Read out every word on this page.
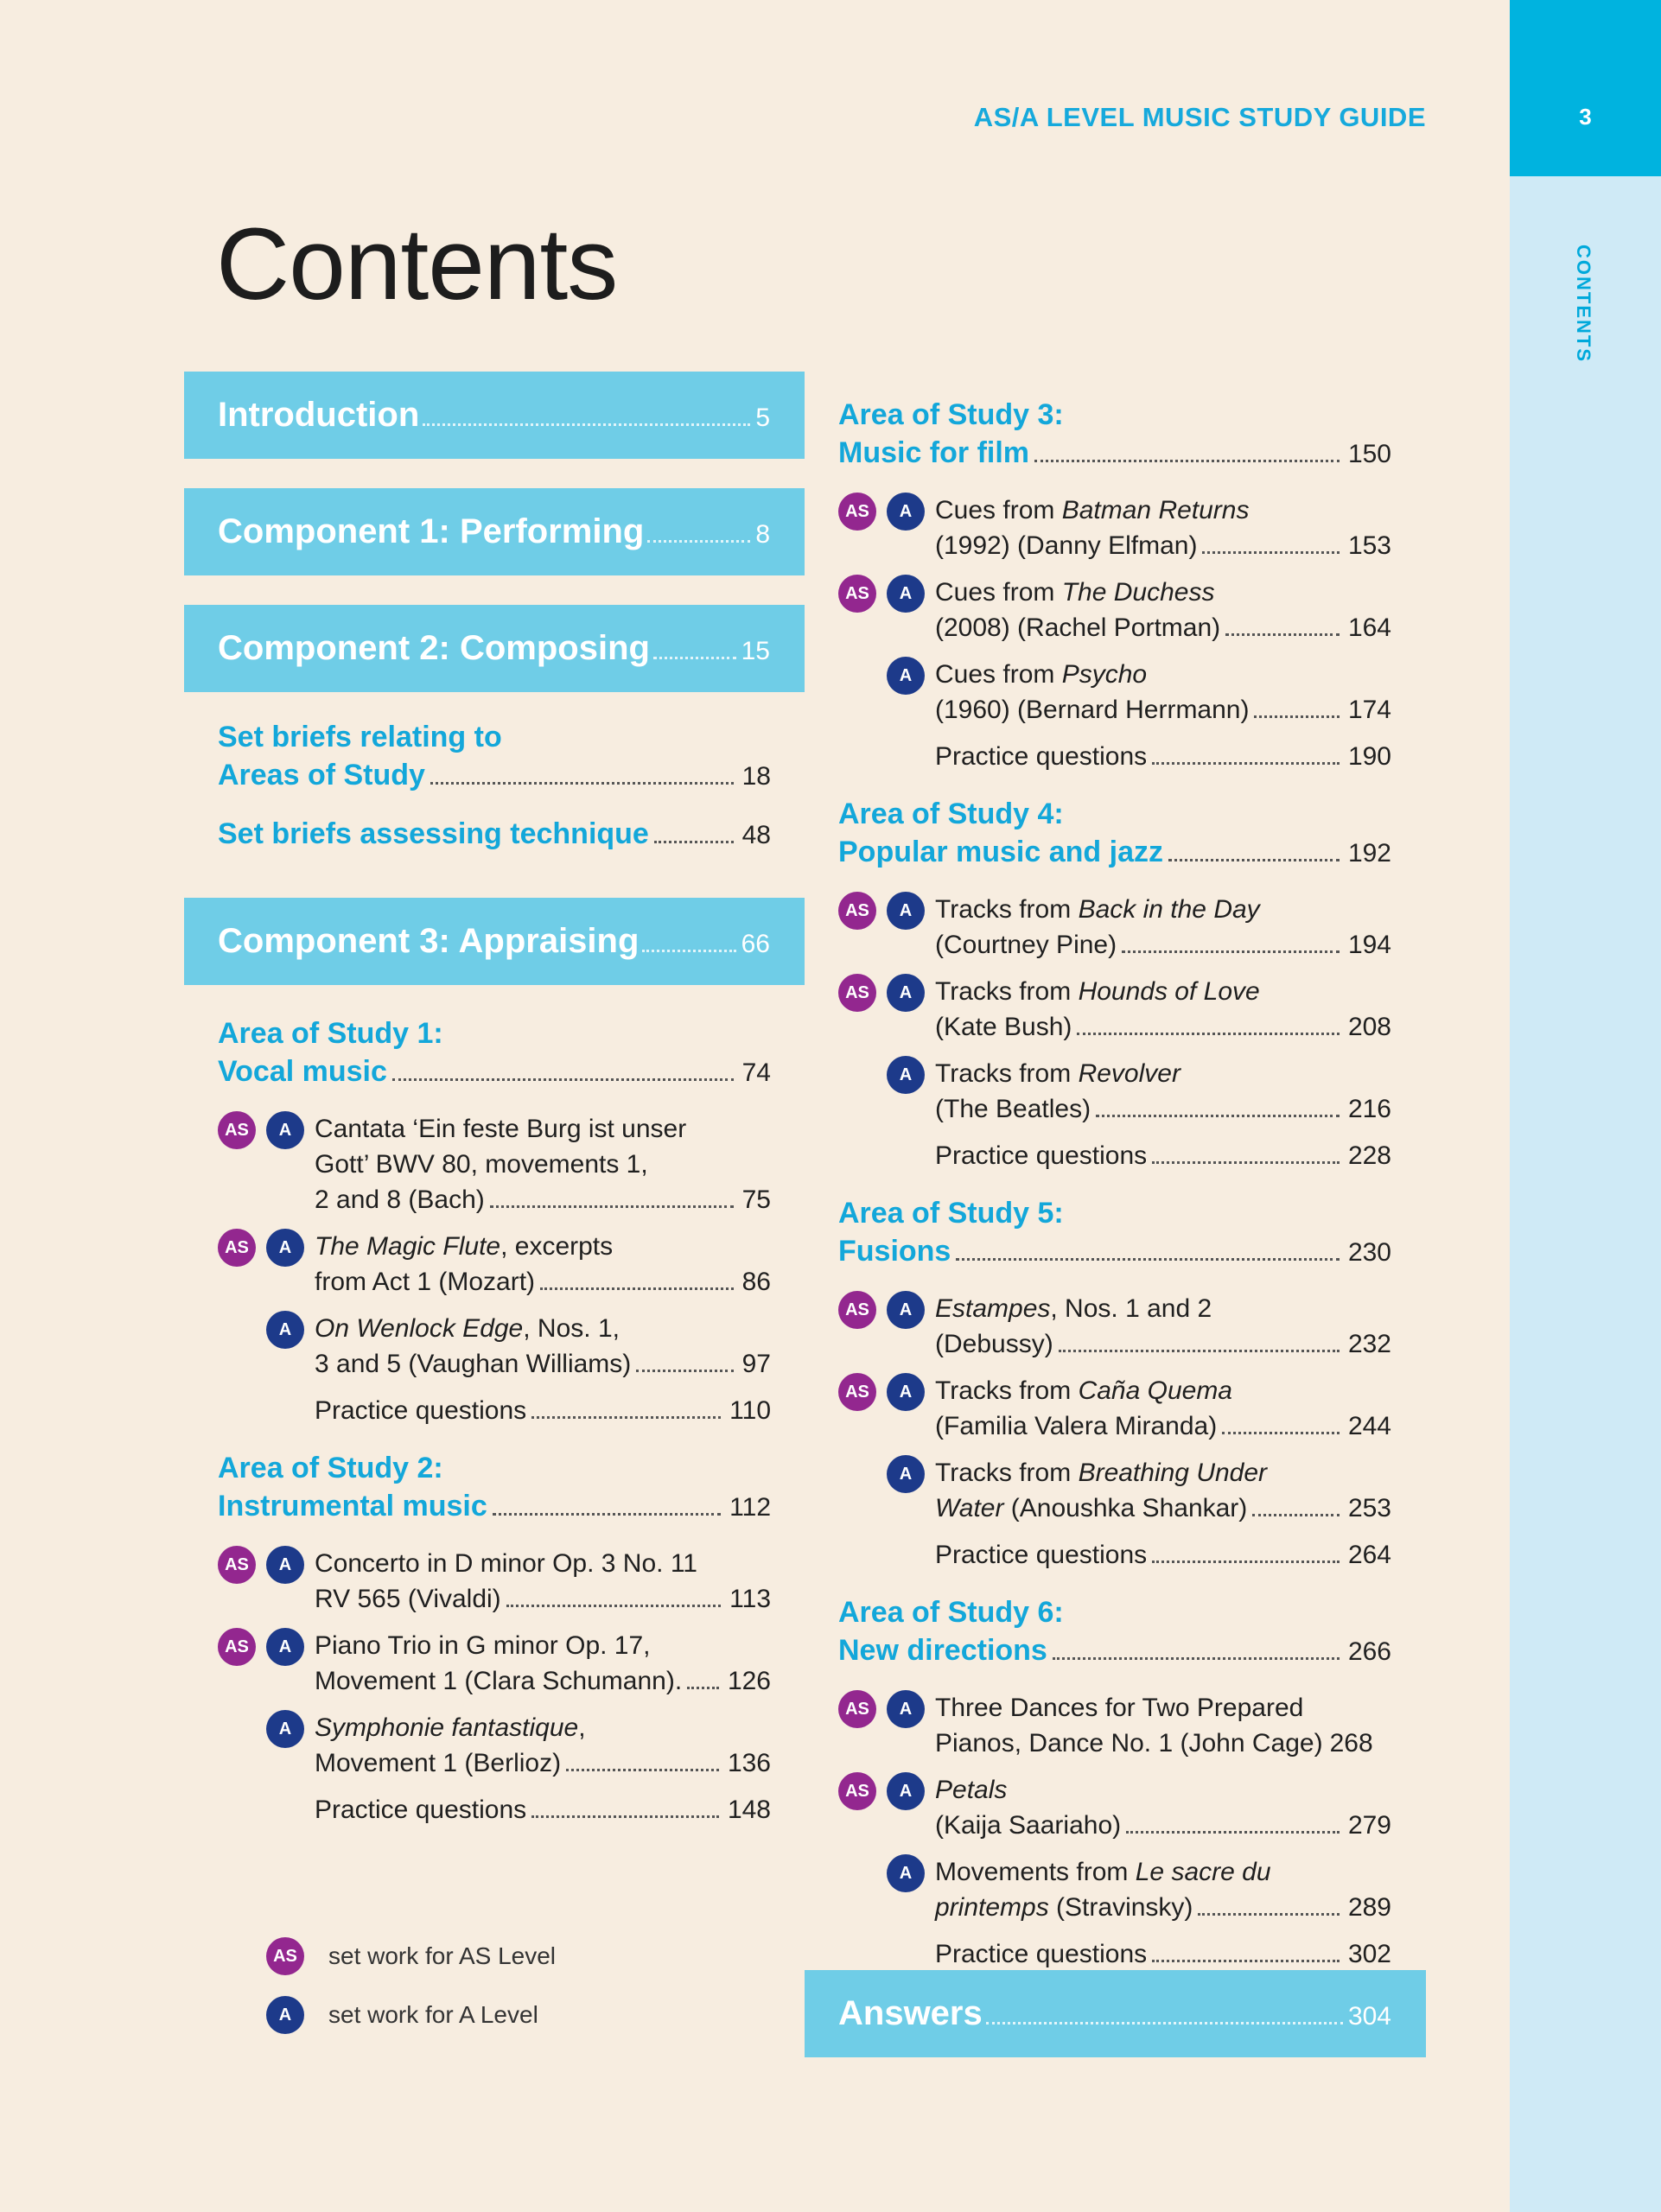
3
CONTENTS
AS/A LEVEL MUSIC STUDY GUIDE
Contents
Introduction	5
Component 1: Performing	8
Component 2: Composing	15
Set briefs relating to
Areas of Study	18
Set briefs assessing technique	48
Component 3: Appraising	66
Area of Study 1:
Vocal music	74
AS	A Cantata ‘Ein feste Burg ist unser
Gott’ BWV 80, movements 1,
2 and 8 (Bach)	75
AS	A The Magic Flute, excerpts
from Act 1 (Mozart)	86
A On Wenlock Edge, Nos. 1,
3 and 5 (Vaughan Williams)	97
Practice questions	110
Area of Study 2:
Instrumental music	112
AS	A Concerto in D minor Op. 3 No. 11
RV 565 (Vivaldi)	113
AS	A Piano Trio in G minor Op. 17,
Movement 1 (Clara Schumann). 126
A Symphonie fantastique,
Movement 1 (Berlioz)	136
Practice questions	148
Area of Study 3:
Music for film	150
AS	A Cues from Batman Returns
(1992) (Danny Elfman)	153
AS	A Cues from The Duchess
(2008) (Rachel Portman)	164
A Cues from Psycho
(1960) (Bernard Herrmann)	174
Practice questions	190
Area of Study 4:
Popular music and jazz	192
AS	A Tracks from Back in the Day
(Courtney Pine)	194
AS	A Tracks from Hounds of Love
(Kate Bush)	208
A Tracks from Revolver
(The Beatles)	216
Practice questions	228
Area of Study 5:
Fusions	230
AS	A Estampes, Nos. 1 and 2
(Debussy)	232
AS	A Tracks from Caña Quema
(Familia Valera Miranda)	244
A Tracks from Breathing Under
Water (Anoushka Shankar)	253
Practice questions	264
Area of Study 6:
New directions	266
AS	A Three Dances for Two Prepared
Pianos, Dance No. 1 (John Cage) 268
AS	A Petals
(Kaija Saariaho)	279
A Movements from Le sacre du
printemps (Stravinsky)	289
Practice questions	302
Answers	304
AS set work for AS Level
A	set work for A Level
